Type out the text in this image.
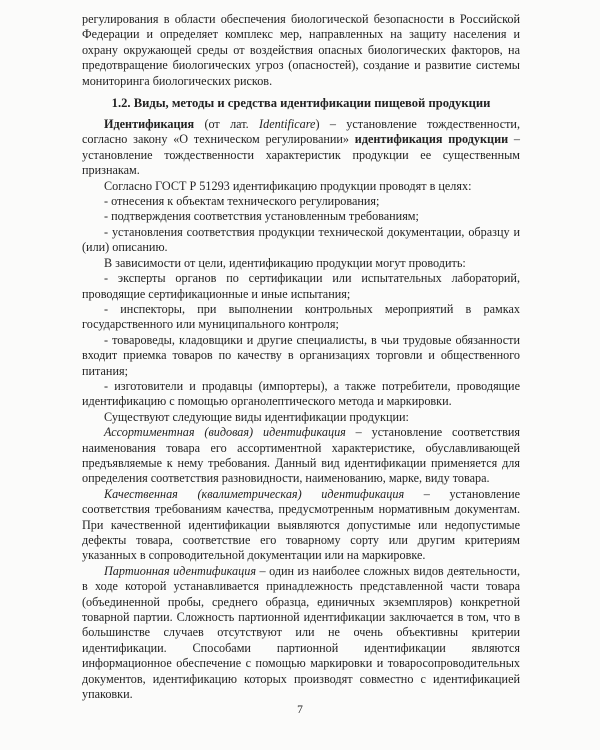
регулирования в области обеспечения биологической безопасности в Российской Федерации и определяет комплекс мер, направленных на защиту населения и охрану окружающей среды от воздействия опасных биологических факторов, на предотвращение биологических угроз (опасностей), создание и развитие системы мониторинга биологических рисков.

1.2. Виды, методы и средства идентификации пищевой продукции

Идентификация (от лат. Identificare) – установление тождественности, согласно закону «О техническом регулировании» идентификация продукции – установление тождественности характеристик продукции ее существенным признакам.

Согласно ГОСТ Р 51293 идентификацию продукции проводят в целях:

- отнесения к объектам технического регулирования;

- подтверждения соответствия установленным требованиям;

- установления соответствия продукции технической документации, образцу и (или) описанию.

В зависимости от цели, идентификацию продукции могут проводить:

- эксперты органов по сертификации или испытательных лабораторий, проводящие сертификационные и иные испытания;

- инспекторы, при выполнении контрольных мероприятий в рамках государственного или муниципального контроля;

- товароведы, кладовщики и другие специалисты, в чьи трудовые обязанности входит приемка товаров по качеству в организациях торговли и общественного питания;

- изготовители и продавцы (импортеры), а также потребители, проводящие идентификацию с помощью органолептического метода и маркировки.

Существуют следующие виды идентификации продукции:

Ассортиментная (видовая) идентификация – установление соответствия наименования товара его ассортиментной характеристике, обуславливающей предъявляемые к нему требования. Данный вид идентификации применяется для определения соответствия разновидности, наименованию, марке, виду товара.

Качественная (квалиметрическая) идентификация – установление соответствия требованиям качества, предусмотренным нормативным документам. При качественной идентификации выявляются допустимые или недопустимые дефекты товара, соответствие его товарному сорту или другим критериям указанных в сопроводительной документации или на маркировке.

Партионная идентификация – один из наиболее сложных видов деятельности, в ходе которой устанавливается принадлежность представленной части товара (объединенной пробы, среднего образца, единичных экземпляров) конкретной товарной партии. Сложность партионной идентификации заключается в том, что в большинстве случаев отсутствуют или не очень объективны критерии идентификации. Способами партионной идентификации являются информационное обеспечение с помощью маркировки и товаросопроводительных документов, идентификацию которых производят совместно с идентификацией упаковки.

7
